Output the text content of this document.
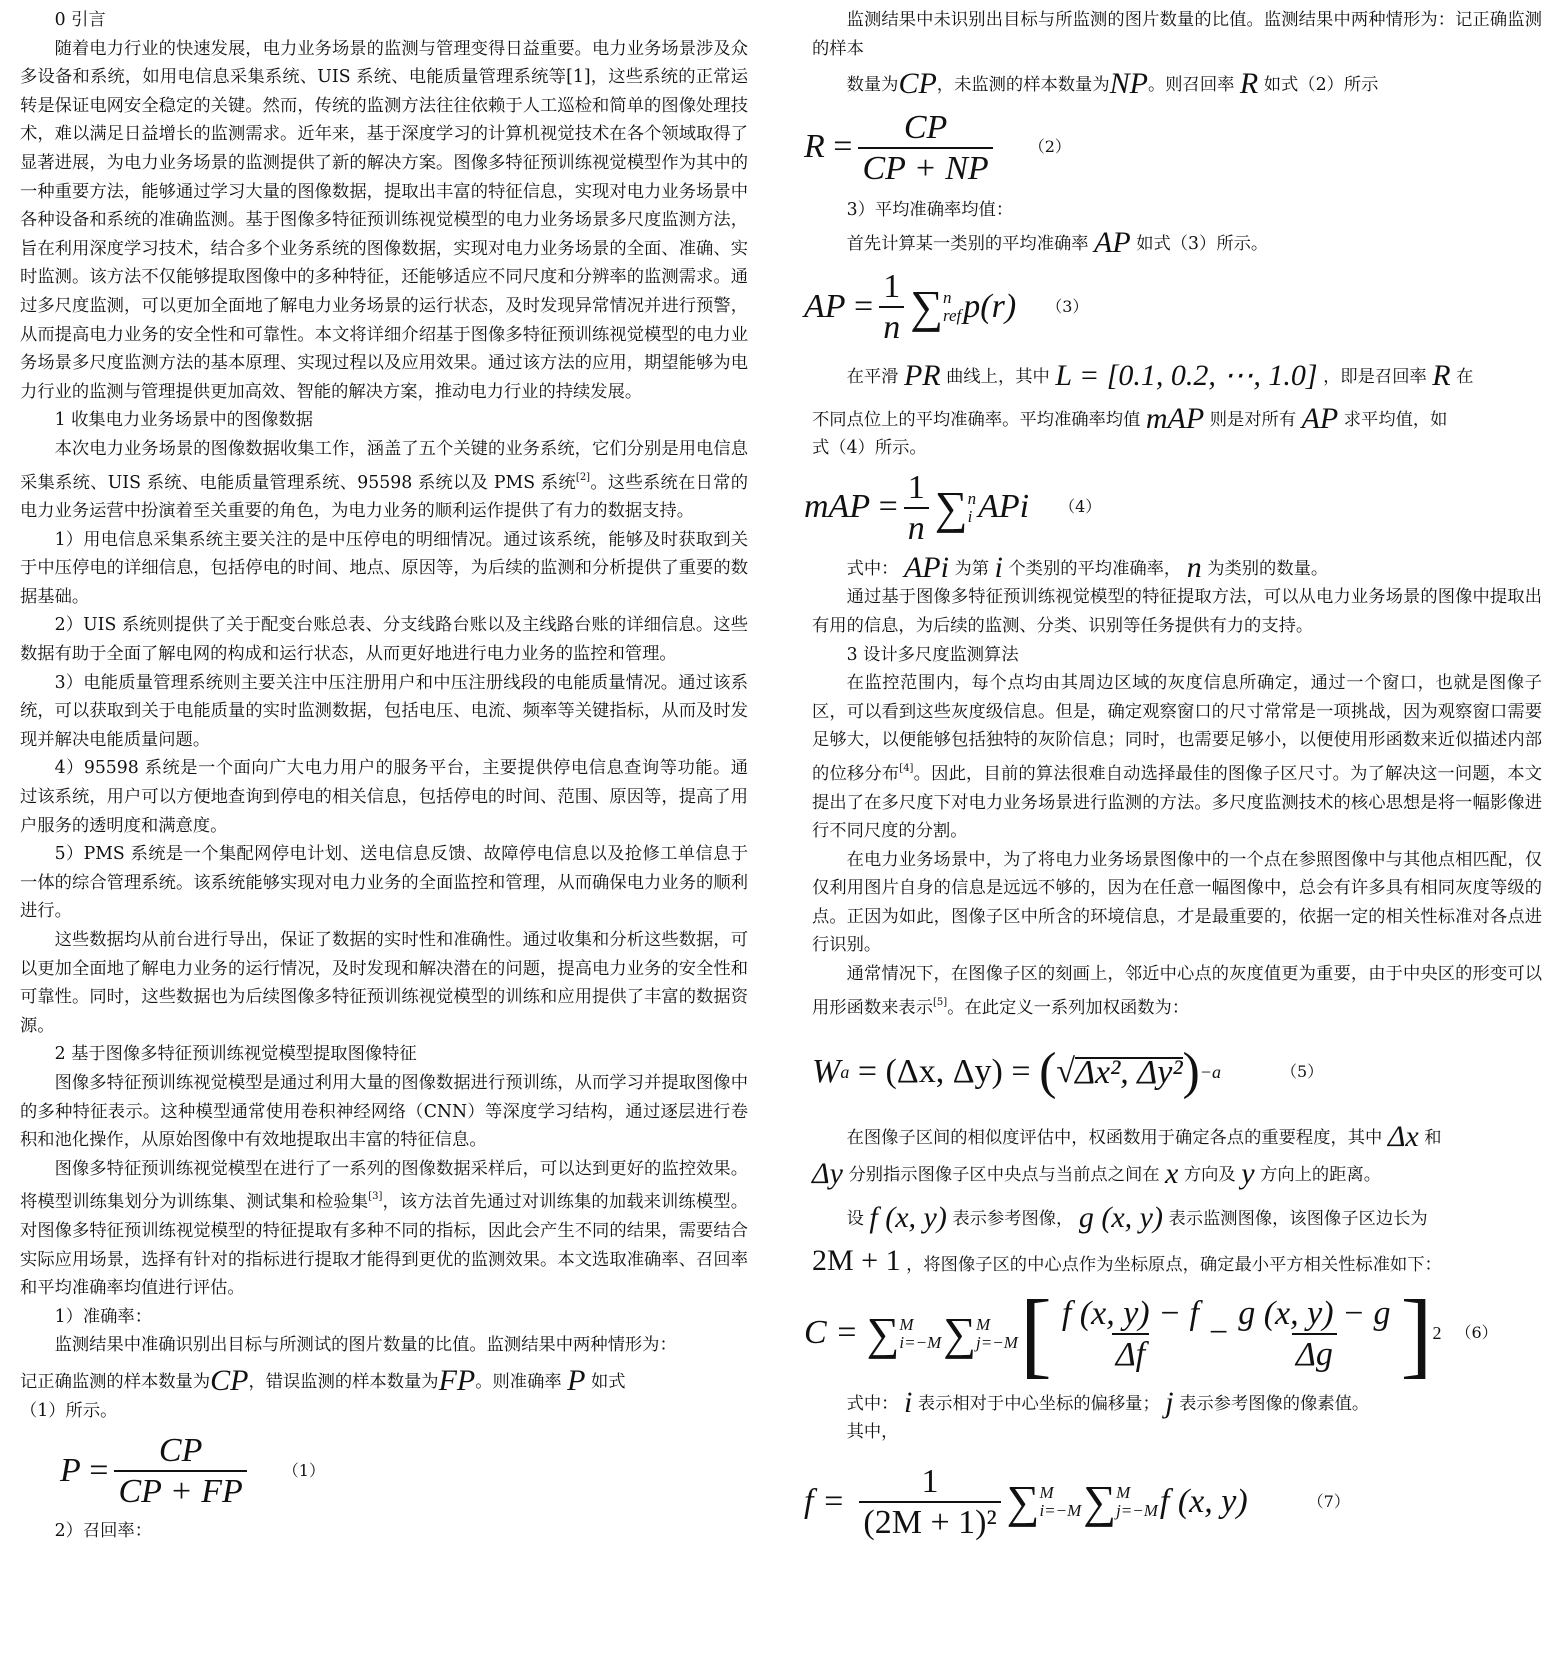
0 引言

随着电力行业的快速发展，电力业务场景的监测与管理变得日益重要。电力业务场景涉及众多设备和系统，如用电信息采集系统、UIS 系统、电能质量管理系统等[1]，这些系统的正常运转是保证电网安全稳定的关键。然而，传统的监测方法往往依赖于人工巡检和简单的图像处理技术，难以满足日益增长的监测需求。近年来，基于深度学习的计算机视觉技术在各个领域取得了显著进展，为电力业务场景的监测提供了新的解决方案。图像多特征预训练视觉模型作为其中的一种重要方法，能够通过学习大量的图像数据，提取出丰富的特征信息，实现对电力业务场景中各种设备和系统的准确监测。基于图像多特征预训练视觉模型的电力业务场景多尺度监测方法，旨在利用深度学习技术，结合多个业务系统的图像数据，实现对电力业务场景的全面、准确、实时监测。该方法不仅能够提取图像中的多种特征，还能够适应不同尺度和分辨率的监测需求。通过多尺度监测，可以更加全面地了解电力业务场景的运行状态，及时发现异常情况并进行预警，从而提高电力业务的安全性和可靠性。本文将详细介绍基于图像多特征预训练视觉模型的电力业务场景多尺度监测方法的基本原理、实现过程以及应用效果。通过该方法的应用，期望能够为电力行业的监测与管理提供更加高效、智能的解决方案，推动电力行业的持续发展。

1 收集电力业务场景中的图像数据

本次电力业务场景的图像数据收集工作，涵盖了五个关键的业务系统，它们分别是用电信息采集系统、UIS 系统、电能质量管理系统、95598 系统以及 PMS 系统[2]。这些系统在日常的电力业务运营中扮演着至关重要的角色，为电力业务的顺利运作提供了有力的数据支持。

1）用电信息采集系统主要关注的是中压停电的明细情况。通过该系统，能够及时获取到关于中压停电的详细信息，包括停电的时间、地点、原因等，为后续的监测和分析提供了重要的数据基础。

2）UIS 系统则提供了关于配变台账总表、分支线路台账以及主线路台账的详细信息。这些数据有助于全面了解电网的构成和运行状态，从而更好地进行电力业务的监控和管理。

3）电能质量管理系统则主要关注中压注册用户和中压注册线段的电能质量情况。通过该系统，可以获取到关于电能质量的实时监测数据，包括电压、电流、频率等关键指标，从而及时发现并解决电能质量问题。

4）95598 系统是一个面向广大电力用户的服务平台，主要提供停电信息查询等功能。通过该系统，用户可以方便地查询到停电的相关信息，包括停电的时间、范围、原因等，提高了用户服务的透明度和满意度。

5）PMS 系统是一个集配网停电计划、送电信息反馈、故障停电信息以及抢修工单信息于一体的综合管理系统。该系统能够实现对电力业务的全面监控和管理，从而确保电力业务的顺利进行。

这些数据均从前台进行导出，保证了数据的实时性和准确性。通过收集和分析这些数据，可以更加全面地了解电力业务的运行情况，及时发现和解决潜在的问题，提高电力业务的安全性和可靠性。同时，这些数据也为后续图像多特征预训练视觉模型的训练和应用提供了丰富的数据资源。

2 基于图像多特征预训练视觉模型提取图像特征

图像多特征预训练视觉模型是通过利用大量的图像数据进行预训练，从而学习并提取图像中的多种特征表示。这种模型通常使用卷积神经网络（CNN）等深度学习结构，通过逐层进行卷积和池化操作，从原始图像中有效地提取出丰富的特征信息。

图像多特征预训练视觉模型在进行了一系列的图像数据采样后，可以达到更好的监控效果。将模型训练集划分为训练集、测试集和检验集[3]，该方法首先通过对训练集的加载来训练模型。对图像多特征预训练视觉模型的特征提取有多种不同的指标，因此会产生不同的结果，需要结合实际应用场景，选择有针对的指标进行提取才能得到更优的监测效果。本文选取准确率、召回率和平均准确率均值进行评估。

1）准确率：

监测结果中准确识别出目标与所测试的图片数量的比值。监测结果中两种情形为：

记正确监测的样本数量为CP，错误监测的样本数量为FP。则准确率 P 如式

（1）所示。

$P = \frac{CP}{CP + FP} (1)$

2）召回率：

监测结果中未识别出目标与所监测的图片数量的比值。监测结果中两种情形为：记正确监测的样本

数量为CP，未监测的样本数量为NP。则召回率 R 如式（2）所示

$R = \frac{CP}{CP + NP} (2)$

3）平均准确率均值：

首先计算某一类别的平均准确率 AP 如式（3）所示。

AP = $\frac{1}{n}$ ∑ n
ref p(r) （3）

在平滑 PR 曲线上，其中 L = [0.1, 0.2, ⋯, 1.0] ，即是召回率 R 在

不同点位上的平均准确率。平均准确率均值 mAP 则是对所有 AP 求平均值，如

式（4）所示。

mAP = $\frac{1}{n}$ ∑ n
i APi （4）

式中： APi 为第 i 个类别的平均准确率， n 为类别的数量。

通过基于图像多特征预训练视觉模型的特征提取方法，可以从电力业务场景的图像中提取出有用的信息，为后续的监测、分类、识别等任务提供有力的支持。

3 设计多尺度监测算法

在监控范围内，每个点均由其周边区域的灰度信息所确定，通过一个窗口，也就是图像子区，可以看到这些灰度级信息。但是，确定观察窗口的尺寸常常是一项挑战，因为观察窗口需要足够大，以便能够包括独特的灰阶信息；同时，也需要足够小，以便使用形函数来近似描述内部的位移分布[4]。因此，目前的算法很难自动选择最佳的图像子区尺寸。为了解决这一问题，本文提出了在多尺度下对电力业务场景进行监测的方法。多尺度监测技术的核心思想是将一幅影像进行不同尺度的分割。

在电力业务场景中，为了将电力业务场景图像中的一个点在参照图像中与其他点相匹配，仅仅利用图片自身的信息是远远不够的，因为在任意一幅图像中，总会有许多具有相同灰度等级的点。正因为如此，图像子区中所含的环境信息，才是最重要的，依据一定的相关性标准对各点进行识别。

通常情况下，在图像子区的刻画上，邻近中心点的灰度值更为重要，由于中央区的形变可以用形函数来表示[5]。在此定义一系列加权函数为：

W a
= (Δx, Δy) =
( √ Δx², Δy² ) −a	（5）

在图像子区间的相似度评估中，权函数用于确定各点的重要程度，其中 Δx 和

Δy 分别指示图像子区中央点与当前点之间在 x 方向及 y 方向上的距离。

设 f (x, y) 表示参考图像， g (x, y) 表示监测图像，该图像子区边长为

2M + 1 ，将图像子区的中心点作为坐标原点，确定最小平方相关性标准如下：

C =
∑ M
i=−M ∑ M
j=−M [ $\frac{f (x, y) - f}{\Delta f} - \frac{g (x, y) - g}{\Delta g}$ ] 2 （6）

式中： i 表示相对于中心坐标的偏移量； j 表示参考图像的像素值。

其中，

f =
$\frac{1}{\text{(2M + 1)²}}$ ∑ M
i=−M ∑ M
j=−M f (x, y)	（7）
